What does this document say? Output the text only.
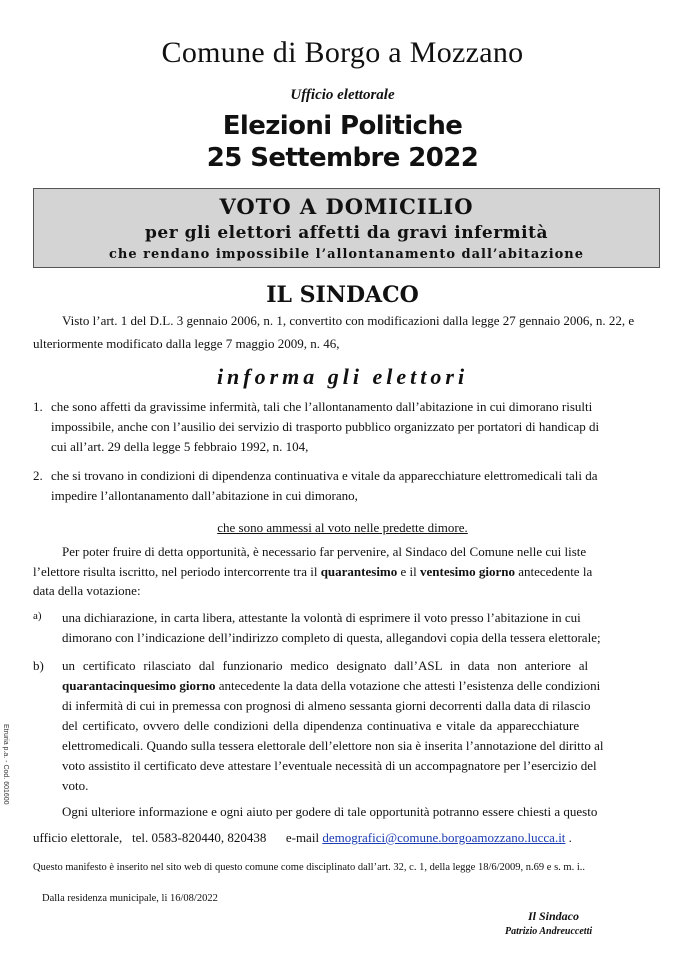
Comune di Borgo a Mozzano
Ufficio elettorale
Elezioni Politiche
25 Settembre 2022
VOTO A DOMICILIO
per gli elettori affetti da gravi infermità
che rendano impossibile l’allontanamento dall’abitazione
IL SINDACO
Visto l’art. 1 del D.L. 3 gennaio 2006, n. 1, convertito con modificazioni dalla legge 27 gennaio 2006, n. 22, e
ulteriormente modificato dalla legge 7 maggio 2009, n. 46,
informa gli elettori
1. che sono affetti da gravissime infermità, tali che l’allontanamento dall’abitazione in cui dimorano risulti
impossibile, anche con l’ausilio dei servizio di trasporto pubblico organizzato per portatori di handicap di
cui all’art. 29 della legge 5 febbraio 1992, n. 104,
2. che si trovano in condizioni di dipendenza continuativa e vitale da apparecchiature elettromedicali tali da
impedire l’allontanamento dall’abitazione in cui dimorano,
che sono ammessi al voto nelle predette dimore.
Per poter fruire di detta opportunità, è necessario far pervenire, al Sindaco del Comune nelle cui liste
l’elettore risulta iscritto, nel periodo intercorrente tra il quarantesimo e il ventesimo giorno antecedente la
data della votazione:
a) una dichiarazione, in carta libera, attestante la volontà di esprimere il voto presso l’abitazione in cui
dimorano con l’indicazione dell’indirizzo completo di questa, allegandovi copia della tessera elettorale;
b) un certificato rilasciato dal funzionario medico designato dall’ASL in data non anteriore al
quarantacinquesimo giorno antecedente la data della votazione che attesti l’esistenza delle condizioni
di infermità di cui in premessa con prognosi di almeno sessanta giorni decorrenti dalla data di rilascio
del certificato, ovvero delle condizioni della dipendenza continuativa e vitale da apparecchiature
elettromedicali. Quando sulla tessera elettorale dell’elettore non sia è inserita l’annotazione del diritto al
voto assistito il certificato deve attestare l’eventuale necessità di un accompagnatore per l’esercizio del
voto.
Ogni ulteriore informazione e ogni aiuto per godere di tale opportunità potranno essere chiesti a questo
ufficio elettorale,   tel. 0583-820440, 820438      e-mail demografici@comune.borgoamozzano.lucca.it .
Questo manifesto è inserito nel sito web di questo comune come disciplinato dall’art. 32, c. 1, della legge 18/6/2009, n.69 e s. m. i..
Dalla residenza municipale, li 16/08/2022
Etruria p.a. - Cod. 601600
Il Sindaco
Patrizio Andreuccetti
